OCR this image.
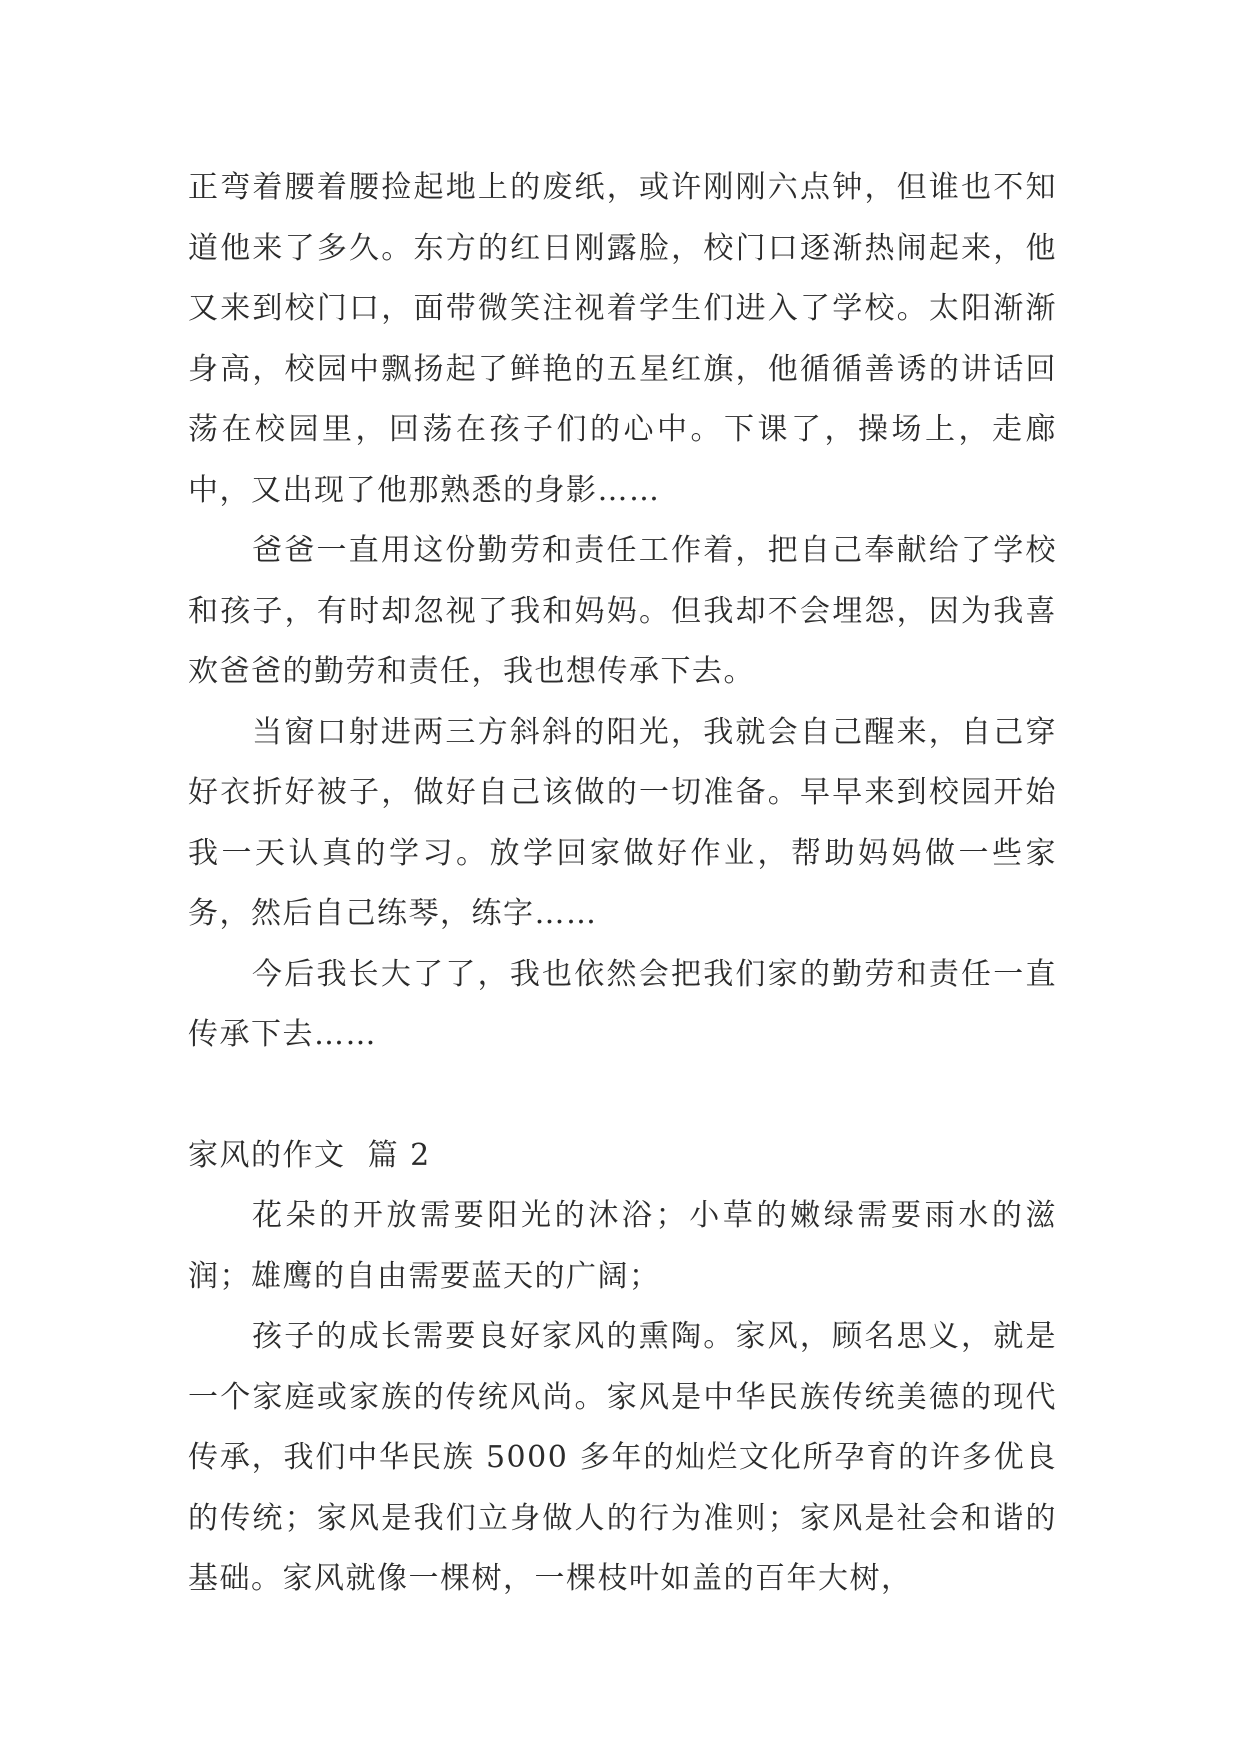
正弯着腰着腰捡起地上的废纸，或许刚刚六点钟，但谁也不知道他来了多久。东方的红日刚露脸，校门口逐渐热闹起来，他又来到校门口，面带微笑注视着学生们进入了学校。太阳渐渐身高，校园中飘扬起了鲜艳的五星红旗，他循循善诱的讲话回荡在校园里，回荡在孩子们的心中。下课了，操场上，走廊中，又出现了他那熟悉的身影……

爸爸一直用这份勤劳和责任工作着，把自己奉献给了学校和孩子，有时却忽视了我和妈妈。但我却不会埋怨，因为我喜欢爸爸的勤劳和责任，我也想传承下去。

当窗口射进两三方斜斜的阳光，我就会自己醒来，自己穿好衣折好被子，做好自己该做的一切准备。早早来到校园开始我一天认真的学习。放学回家做好作业，帮助妈妈做一些家务，然后自己练琴，练字……

今后我长大了了，我也依然会把我们家的勤劳和责任一直传承下去……

家风的作文  篇 2

花朵的开放需要阳光的沐浴；小草的嫩绿需要雨水的滋润；雄鹰的自由需要蓝天的广阔；

孩子的成长需要良好家风的熏陶。家风，顾名思义，就是一个家庭或家族的传统风尚。家风是中华民族传统美德的现代传承，我们中华民族 5000 多年的灿烂文化所孕育的许多优良的传统；家风是我们立身做人的行为准则；家风是社会和谐的基础。家风就像一棵树，一棵枝叶如盖的百年大树，
